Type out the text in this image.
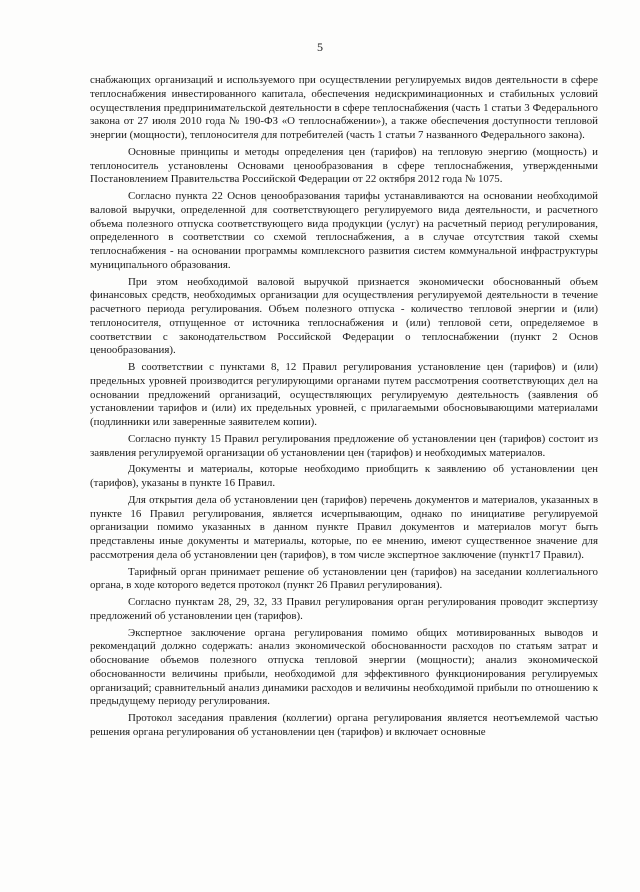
5

снабжающих организаций и используемого при осуществлении регулируемых видов деятельности в сфере теплоснабжения инвестированного капитала, обеспечения недискриминационных и стабильных условий осуществления предпринимательской деятельности в сфере теплоснабжения (часть 1 статьи 3 Федерального закона от 27 июля 2010 года № 190-ФЗ «О теплоснабжении»), а также обеспечения доступности тепловой энергии (мощности), теплоносителя для потребителей (часть 1 статьи 7 названного Федерального закона).

Основные принципы и методы определения цен (тарифов) на тепловую энергию (мощность) и теплоноситель установлены Основами ценообразования в сфере теплоснабжения, утвержденными Постановлением Правительства Российской Федерации от 22 октября 2012 года № 1075.

Согласно пункта 22 Основ ценообразования тарифы устанавливаются на основании необходимой валовой выручки, определенной для соответствующего регулируемого вида деятельности, и расчетного объема полезного отпуска соответствующего вида продукции (услуг) на расчетный период регулирования, определенного в соответствии со схемой теплоснабжения, а в случае отсутствия такой схемы теплоснабжения - на основании программы комплексного развития систем коммунальной инфраструктуры муниципального образования.

При этом необходимой валовой выручкой признается экономически обоснованный объем финансовых средств, необходимых организации для осуществления регулируемой деятельности в течение расчетного периода регулирования. Объем полезного отпуска - количество тепловой энергии и (или) теплоносителя, отпущенное от источника теплоснабжения и (или) тепловой сети, определяемое в соответствии с законодательством Российской Федерации о теплоснабжении (пункт 2 Основ ценообразования).

В соответствии с пунктами 8, 12 Правил регулирования установление цен (тарифов) и (или) предельных уровней производится регулирующими органами путем рассмотрения соответствующих дел на основании предложений организаций, осуществляющих регулируемую деятельность (заявления об установлении тарифов и (или) их предельных уровней, с прилагаемыми обосновывающими материалами (подлинники или заверенные заявителем копии).

Согласно пункту 15 Правил регулирования предложение об установлении цен (тарифов) состоит из заявления регулируемой организации об установлении цен (тарифов) и необходимых материалов.

Документы и материалы, которые необходимо приобщить к заявлению об установлении цен (тарифов), указаны в пункте 16 Правил.

Для открытия дела об установлении цен (тарифов) перечень документов и материалов, указанных в пункте 16 Правил регулирования, является исчерпывающим, однако по инициативе регулируемой организации помимо указанных в данном пункте Правил документов и материалов могут быть представлены иные документы и материалы, которые, по ее мнению, имеют существенное значение для рассмотрения дела об установлении цен (тарифов), в том числе экспертное заключение (пункт17 Правил).

Тарифный орган принимает решение об установлении цен (тарифов) на заседании коллегиального органа, в ходе которого ведется протокол (пункт 26 Правил регулирования).

Согласно пунктам 28, 29, 32, 33 Правил регулирования орган регулирования проводит экспертизу предложений об установлении цен (тарифов).

Экспертное заключение органа регулирования помимо общих мотивированных выводов и рекомендаций должно содержать: анализ экономической обоснованности расходов по статьям затрат и обоснование объемов полезного отпуска тепловой энергии (мощности); анализ экономической обоснованности величины прибыли, необходимой для эффективного функционирования регулируемых организаций; сравнительный анализ динамики расходов и величины необходимой прибыли по отношению к предыдущему периоду регулирования.

Протокол заседания правления (коллегии) органа регулирования является неотъемлемой частью решения органа регулирования об установлении цен (тарифов) и включает основные
